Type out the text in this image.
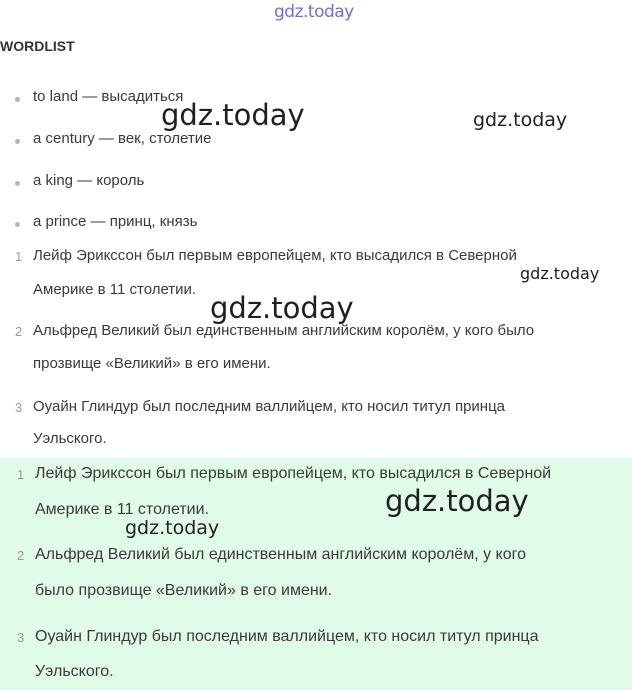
gdz.today
WORDLIST
to land — высадиться
a century — век, столетие
a king — король
a prince — принц, князь
1 Лейф Эрикссон был первым европейцем, кто высадился в Северной
Америке в 11 столетии.
2 Альфред Великий был единственным английским королём, у кого было
прозвище «Великий» в его имени.
3 Оуайн Глиндур был последним валлийцем, кто носил титул принца
Уэльского.
1 Лейф Эрикссон был первым европейцем, кто высадился в Северной
Америке в 11 столетии.
2 Альфред Великий был единственным английским королём, у кого
было прозвище «Великий» в его имени.
3 Оуайн Глиндур был последним валлийцем, кто носил титул принца
Уэльского.
gdz.today	gdz.today
gdz.today
gdz.today
gdz.today
gdz.today
